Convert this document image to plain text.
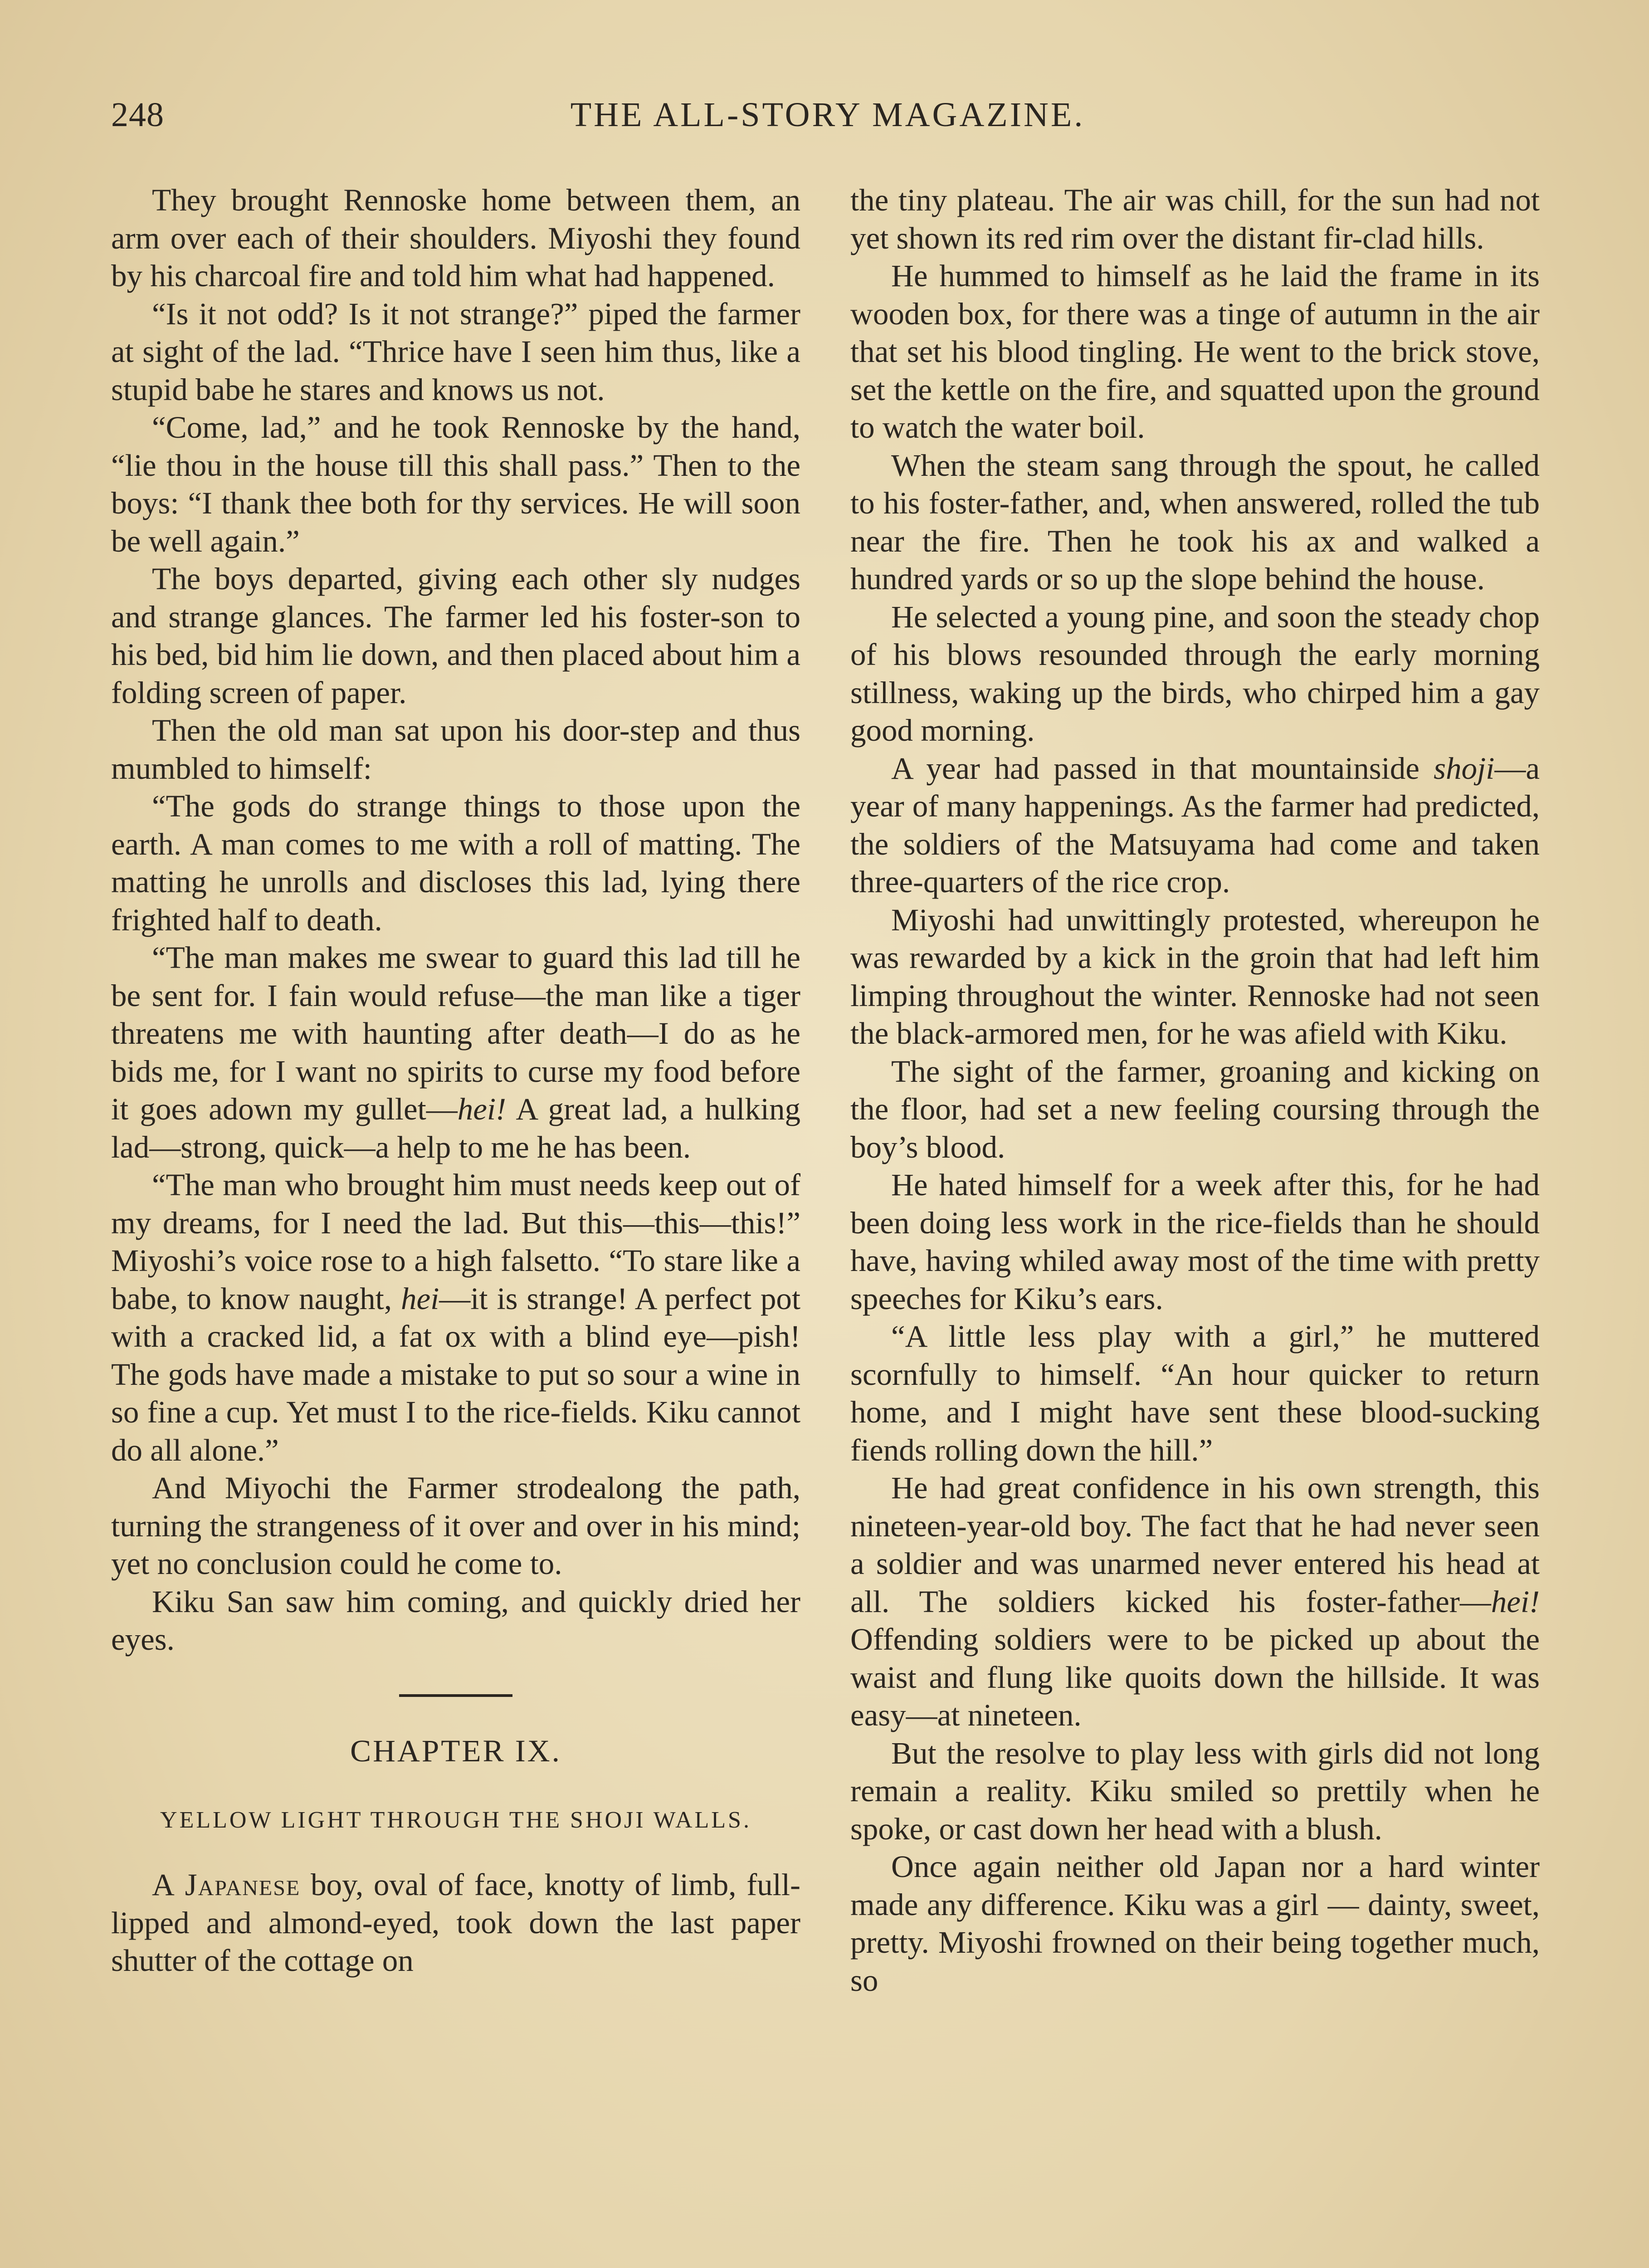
248	THE ALL-STORY MAGAZINE.

They brought Rennoske home between them, an arm over each of their shoulders. Miyoshi they found by his charcoal fire and told him what had happened.

“Is it not odd? Is it not strange?” piped the farmer at sight of the lad. “Thrice have I seen him thus, like a stupid babe he stares and knows us not.

“Come, lad,” and he took Rennoske by the hand, “lie thou in the house till this shall pass.” Then to the boys: “I thank thee both for thy services. He will soon be well again.”

The boys departed, giving each other sly nudges and strange glances. The farmer led his foster-son to his bed, bid him lie down, and then placed about him a folding screen of paper.

Then the old man sat upon his door-step and thus mumbled to himself:

“The gods do strange things to those upon the earth. A man comes to me with a roll of matting. The matting he unrolls and discloses this lad, lying there frighted half to death.

“The man makes me swear to guard this lad till he be sent for. I fain would refuse—the man like a tiger threatens me with haunting after death—I do as he bids me, for I want no spirits to curse my food before it goes adown my gullet—hei! A great lad, a hulking lad—strong, quick—a help to me he has been.

“The man who brought him must needs keep out of my dreams, for I need the lad. But this—this—this!” Miyoshi’s voice rose to a high falsetto. “To stare like a babe, to know naught, hei—it is strange! A perfect pot with a cracked lid, a fat ox with a blind eye—pish! The gods have made a mistake to put so sour a wine in so fine a cup. Yet must I to the rice-fields. Kiku cannot do all alone.”

And Miyochi the Farmer strodealong the path, turning the strangeness of it over and over in his mind; yet no conclusion could he come to.

Kiku San saw him coming, and quickly dried her eyes.

CHAPTER IX.
YELLOW LIGHT THROUGH THE SHOJI WALLS.

A Japanese boy, oval of face, knotty of limb, full-lipped and almond-eyed, took down the last paper shutter of the cottage on

the tiny plateau. The air was chill, for the sun had not yet shown its red rim over the distant fir-clad hills.

He hummed to himself as he laid the frame in its wooden box, for there was a tinge of autumn in the air that set his blood tingling. He went to the brick stove, set the kettle on the fire, and squatted upon the ground to watch the water boil.

When the steam sang through the spout, he called to his foster-father, and, when answered, rolled the tub near the fire. Then he took his ax and walked a hundred yards or so up the slope behind the house.

He selected a young pine, and soon the steady chop of his blows resounded through the early morning stillness, waking up the birds, who chirped him a gay good morning.

A year had passed in that mountainside shoji—a year of many happenings. As the farmer had predicted, the soldiers of the Matsuyama had come and taken three-quarters of the rice crop.

Miyoshi had unwittingly protested, whereupon he was rewarded by a kick in the groin that had left him limping throughout the winter. Rennoske had not seen the black-armored men, for he was afield with Kiku.

The sight of the farmer, groaning and kicking on the floor, had set a new feeling coursing through the boy’s blood.

He hated himself for a week after this, for he had been doing less work in the rice-fields than he should have, having whiled away most of the time with pretty speeches for Kiku’s ears.

“A little less play with a girl,” he muttered scornfully to himself. “An hour quicker to return home, and I might have sent these blood-sucking fiends rolling down the hill.”

He had great confidence in his own strength, this nineteen-year-old boy. The fact that he had never seen a soldier and was unarmed never entered his head at all. The soldiers kicked his foster-father—hei! Offending soldiers were to be picked up about the waist and flung like quoits down the hillside. It was easy—at nineteen.

But the resolve to play less with girls did not long remain a reality. Kiku smiled so prettily when he spoke, or cast down her head with a blush.

Once again neither old Japan nor a hard winter made any difference. Kiku was a girl — dainty, sweet, pretty. Miyoshi frowned on their being together much, so
